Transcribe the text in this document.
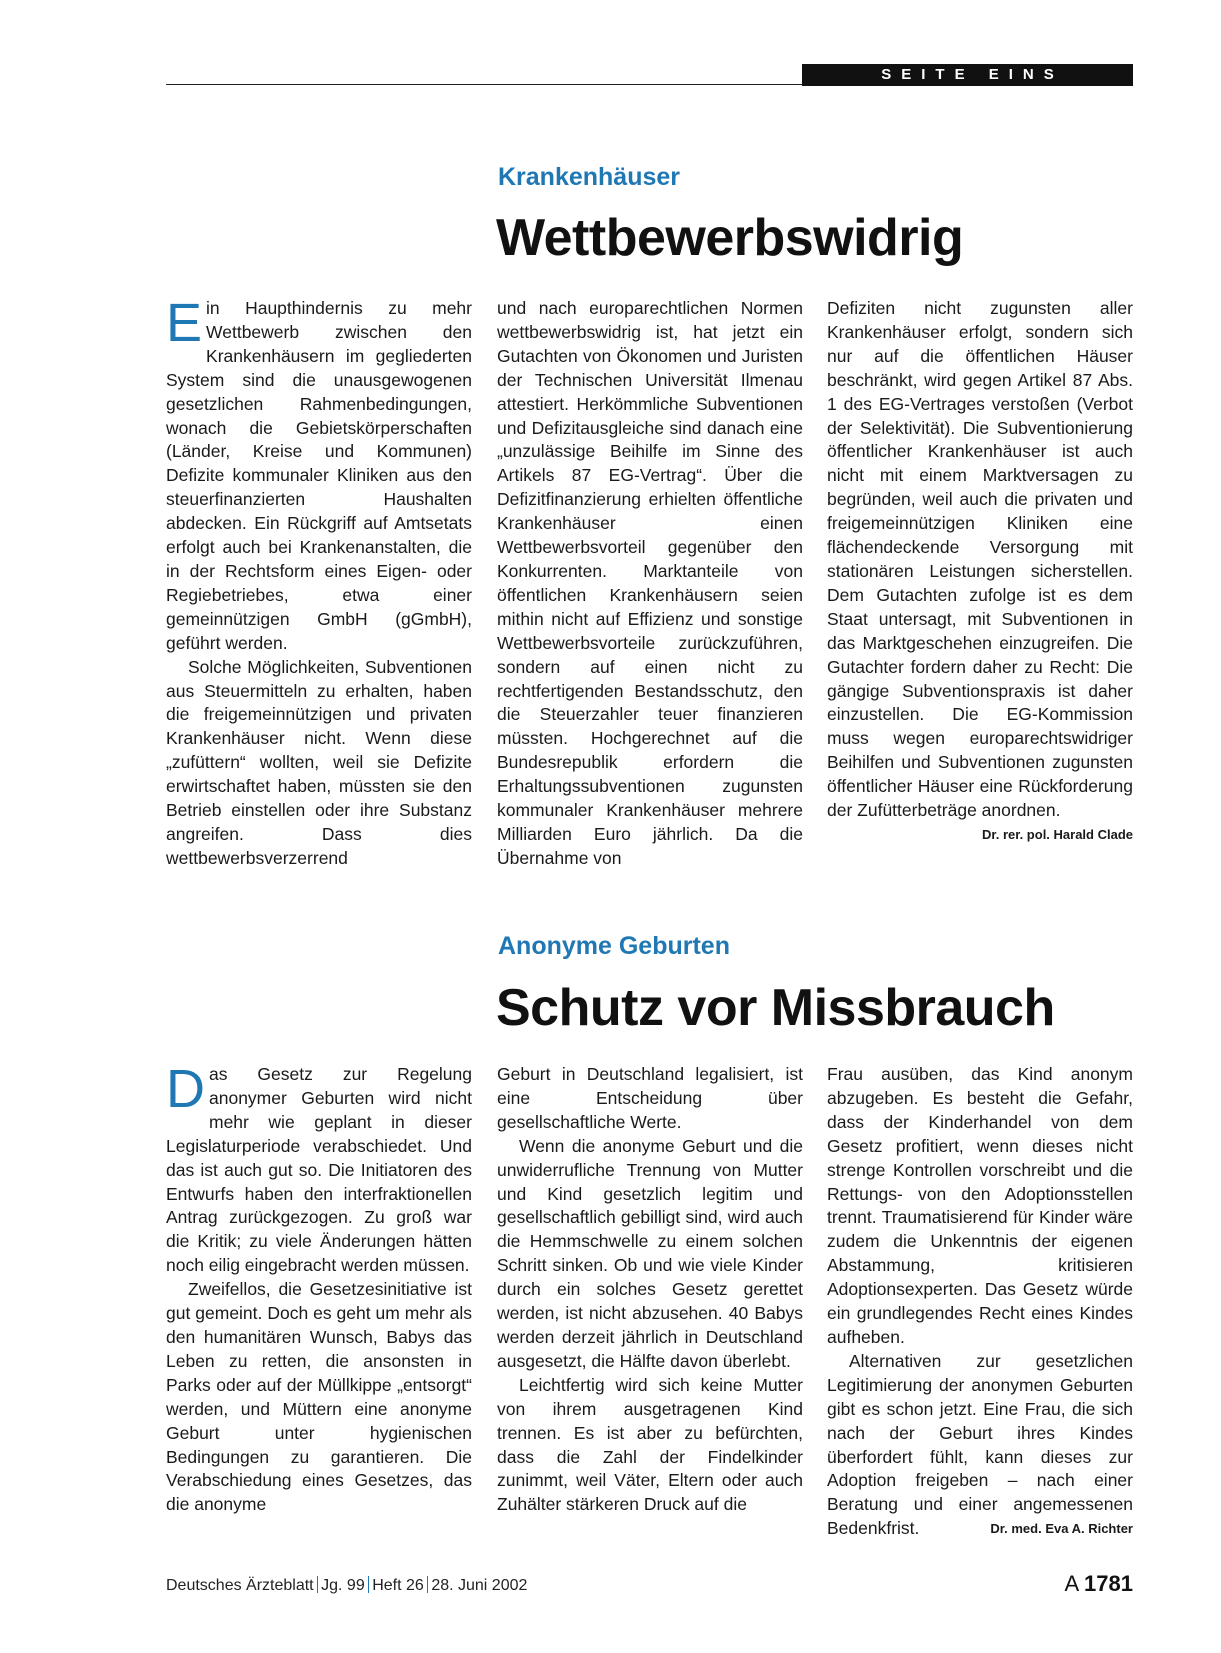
SEITE EINS
Krankenhäuser
Wettbewerbswidrig

Ein Haupthindernis zu mehr Wettbewerb zwischen den Krankenhäusern im gegliederten System sind die unausgewogenen gesetzlichen Rahmenbedingungen, wonach die Gebietskörperschaften (Länder, Kreise und Kommunen) Defizite kommunaler Kliniken aus den steuerfinanzierten Haushalten abdecken. Ein Rückgriff auf Amtsetats erfolgt auch bei Krankenanstalten, die in der Rechtsform eines Eigen- oder Regiebetriebes, etwa einer gemeinnützigen GmbH (gGmbH), geführt werden.

Solche Möglichkeiten, Subventionen aus Steuermitteln zu erhalten, haben die freigemeinnützigen und privaten Krankenhäuser nicht. Wenn diese „zufüttern“ wollten, weil sie Defizite erwirtschaftet haben, müssten sie den Betrieb einstellen oder ihre Substanz angreifen. Dass dies wettbewerbsverzerrend

und nach europarechtlichen Normen wettbewerbswidrig ist, hat jetzt ein Gutachten von Ökonomen und Juristen der Technischen Universität Ilmenau attestiert. Herkömmliche Subventionen und Defizitausgleiche sind danach eine „unzulässige Beihilfe im Sinne des Artikels 87 EG-Vertrag“. Über die Defizitfinanzierung erhielten öffentliche Krankenhäuser einen Wettbewerbsvorteil gegenüber den Konkurrenten. Marktanteile von öffentlichen Krankenhäusern seien mithin nicht auf Effizienz und sonstige Wettbewerbsvorteile zurückzuführen, sondern auf einen nicht zu rechtfertigenden Bestandsschutz, den die Steuerzahler teuer finanzieren müssten. Hochgerechnet auf die Bundesrepublik erfordern die Erhaltungssubventionen zugunsten kommunaler Krankenhäuser mehrere Milliarden Euro jährlich. Da die Übernahme von

Defiziten nicht zugunsten aller Krankenhäuser erfolgt, sondern sich nur auf die öffentlichen Häuser beschränkt, wird gegen Artikel 87 Abs. 1 des EG-Vertrages verstoßen (Verbot der Selektivität). Die Subventionierung öffentlicher Krankenhäuser ist auch nicht mit einem Marktversagen zu begründen, weil auch die privaten und freigemeinnützigen Kliniken eine flächendeckende Versorgung mit stationären Leistungen sicherstellen. Dem Gutachten zufolge ist es dem Staat untersagt, mit Subventionen in das Marktgeschehen einzugreifen. Die Gutachter fordern daher zu Recht: Die gängige Subventionspraxis ist daher einzustellen. Die EG-Kommission muss wegen europarechtswidriger Beihilfen und Subventionen zugunsten öffentlicher Häuser eine Rückforderung der Zufütterbeträge anordnen.
Dr. rer. pol. Harald Clade

Anonyme Geburten
Schutz vor Missbrauch

Das Gesetz zur Regelung anonymer Geburten wird nicht mehr wie geplant in dieser Legislaturperiode verabschiedet. Und das ist auch gut so. Die Initiatoren des Entwurfs haben den interfraktionellen Antrag zurückgezogen. Zu groß war die Kritik; zu viele Änderungen hätten noch eilig eingebracht werden müssen.

Zweifellos, die Gesetzesinitiative ist gut gemeint. Doch es geht um mehr als den humanitären Wunsch, Babys das Leben zu retten, die ansonsten in Parks oder auf der Müllkippe „entsorgt“ werden, und Müttern eine anonyme Geburt unter hygienischen Bedingungen zu garantieren. Die Verabschiedung eines Gesetzes, das die anonyme

Geburt in Deutschland legalisiert, ist eine Entscheidung über gesellschaftliche Werte.

Wenn die anonyme Geburt und die unwiderrufliche Trennung von Mutter und Kind gesetzlich legitim und gesellschaftlich gebilligt sind, wird auch die Hemmschwelle zu einem solchen Schritt sinken. Ob und wie viele Kinder durch ein solches Gesetz gerettet werden, ist nicht abzusehen. 40 Babys werden derzeit jährlich in Deutschland ausgesetzt, die Hälfte davon überlebt.

Leichtfertig wird sich keine Mutter von ihrem ausgetragenen Kind trennen. Es ist aber zu befürchten, dass die Zahl der Findelkinder zunimmt, weil Väter, Eltern oder auch Zuhälter stärkeren Druck auf die

Frau ausüben, das Kind anonym abzugeben. Es besteht die Gefahr, dass der Kinderhandel von dem Gesetz profitiert, wenn dieses nicht strenge Kontrollen vorschreibt und die Rettungs- von den Adoptionsstellen trennt. Traumatisierend für Kinder wäre zudem die Unkenntnis der eigenen Abstammung, kritisieren Adoptionsexperten. Das Gesetz würde ein grundlegendes Recht eines Kindes aufheben.

Alternativen zur gesetzlichen Legitimierung der anonymen Geburten gibt es schon jetzt. Eine Frau, die sich nach der Geburt ihres Kindes überfordert fühlt, kann dieses zur Adoption freigeben – nach einer Beratung und einer angemessenen Bedenkfrist.	Dr. med. Eva A. Richter

Deutsches Ärzteblatt Jg. 99 Heft 26 28. Juni 2002	A 1781
